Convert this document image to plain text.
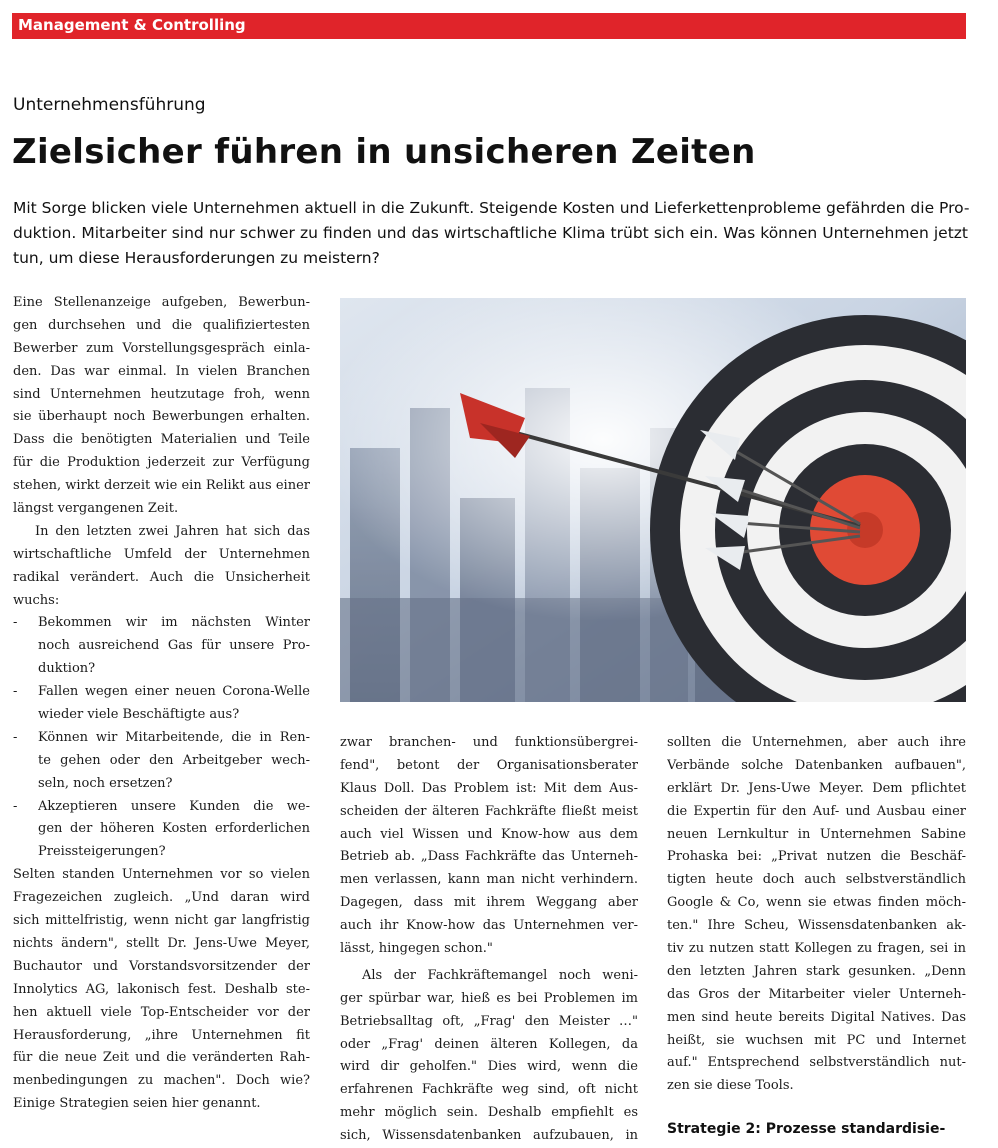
Management & Controlling
Unternehmensführung
Zielsicher führen in unsicheren Zeiten
Mit Sorge blicken viele Unternehmen aktuell in die Zukunft. Steigende Kosten und Lieferkettenprobleme gefährden die Pro-
duktion. Mitarbeiter sind nur schwer zu finden und das wirtschaftliche Klima trübt sich ein. Was können Unternehmen jetzt
tun, um diese Herausforderungen zu meistern?
Eine Stellenanzeige aufgeben, Bewerbun-
gen durchsehen und die qualifiziertesten
Bewerber zum Vorstellungsgespräch einla-
den. Das war einmal. In vielen Branchen
sind Unternehmen heutzutage froh, wenn
sie überhaupt noch Bewerbungen erhalten.
Dass die benötigten Materialien und Teile
für die Produktion jederzeit zur Verfügung
stehen, wirkt derzeit wie ein Relikt aus einer
längst vergangenen Zeit.
In den letzten zwei Jahren hat sich das
wirtschaftliche Umfeld der Unternehmen
radikal verändert. Auch die Unsicherheit
wuchs:
- Bekommen wir im nächsten Winter
noch ausreichend Gas für unsere Pro-
duktion?
- Fallen wegen einer neuen Corona-Welle
wieder viele Beschäftigte aus?
- Können wir Mitarbeitende, die in Ren-
te gehen oder den Arbeitgeber wech-
seln, noch ersetzen?
- Akzeptieren unsere Kunden die we-
gen der höheren Kosten erforderlichen
Preissteigerungen?
Selten standen Unternehmen vor so vielen
Fragezeichen zugleich. „Und daran wird
sich mittelfristig, wenn nicht gar langfristig
nichts ändern", stellt Dr. Jens-Uwe Meyer,
Buchautor und Vorstandsvorsitzender der
Innolytics AG, lakonisch fest. Deshalb ste-
hen aktuell viele Top-Entscheider vor der
Herausforderung, „ihre Unternehmen fit
für die neue Zeit und die veränderten Rah-
menbedingungen zu machen". Doch wie?
Einige Strategien seien hier genannt.
zwar branchen- und funktionsübergrei-
fend", betont der Organisationsberater
Klaus Doll. Das Problem ist: Mit dem Aus-
scheiden der älteren Fachkräfte fließt meist
auch viel Wissen und Know-how aus dem
Betrieb ab. „Dass Fachkräfte das Unterneh-
men verlassen, kann man nicht verhindern.
Dagegen, dass mit ihrem Weggang aber
auch ihr Know-how das Unternehmen ver-
lässt, hingegen schon."
Als der Fachkräftemangel noch weni-
ger spürbar war, hieß es bei Problemen im
Betriebsalltag oft, „Frag' den Meister …"
oder „Frag' deinen älteren Kollegen, da
wird dir geholfen." Dies wird, wenn die
erfahrenen Fachkräfte weg sind, oft nicht
mehr möglich sein. Deshalb empfiehlt es
sich, Wissensdatenbanken aufzubauen, in
sollten die Unternehmen, aber auch ihre
Verbände solche Datenbanken aufbauen",
erklärt Dr. Jens-Uwe Meyer. Dem pflichtet
die Expertin für den Auf- und Ausbau einer
neuen Lernkultur in Unternehmen Sabine
Prohaska bei: „Privat nutzen die Beschäf-
tigten heute doch auch selbstverständlich
Google & Co, wenn sie etwas finden möch-
ten." Ihre Scheu, Wissensdatenbanken ak-
tiv zu nutzen statt Kollegen zu fragen, sei in
den letzten Jahren stark gesunken. „Denn
das Gros der Mitarbeiter vieler Unterneh-
men sind heute bereits Digital Natives. Das
heißt, sie wuchsen mit PC und Internet
auf." Entsprechend selbstverständlich nut-
zen sie diese Tools.
Strategie 2: Prozesse standardisie-
